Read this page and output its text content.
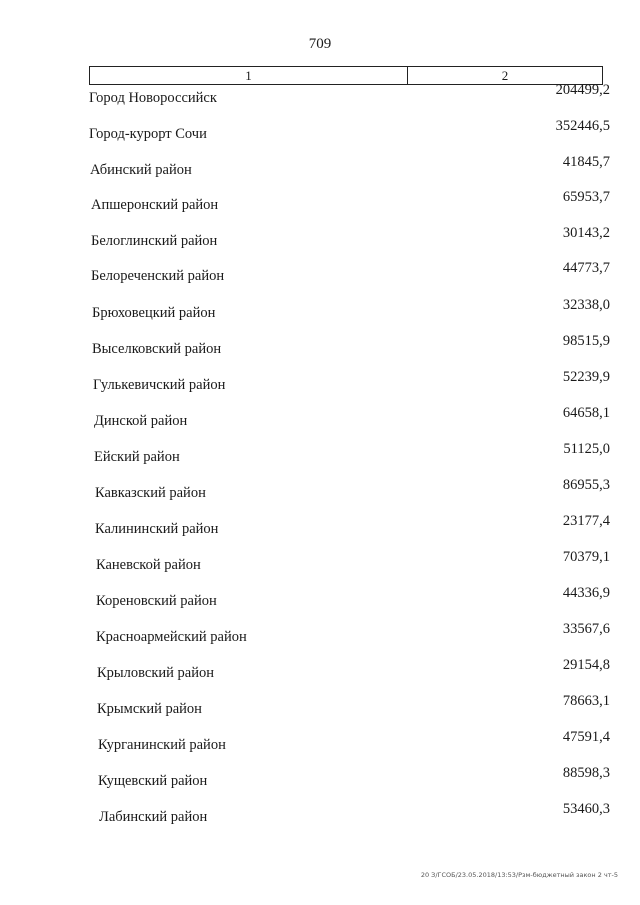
709
1	2
Город Новороссийск	204499,2
Город-курорт Сочи	352446,5
Абинский район	41845,7
Апшеронский район	65953,7
Белоглинский район	30143,2
Белореченский район	44773,7
Брюховецкий район	32338,0
Выселковский район	98515,9
Гулькевичский район	52239,9
Динской район	64658,1
Ейский район	51125,0
Кавказский район	86955,3
Калининский район	23177,4
Каневской район	70379,1
Кореновский район	44336,9
Красноармейский район	33567,6
Крыловский район	29154,8
Крымский район	78663,1
Курганинский район	47591,4
Кущевский район	88598,3
Лабинский район	53460,3
20 З/ГСОБ/23.05.2018/13:53/Рзм-бюджетный закон 2 чт-5
